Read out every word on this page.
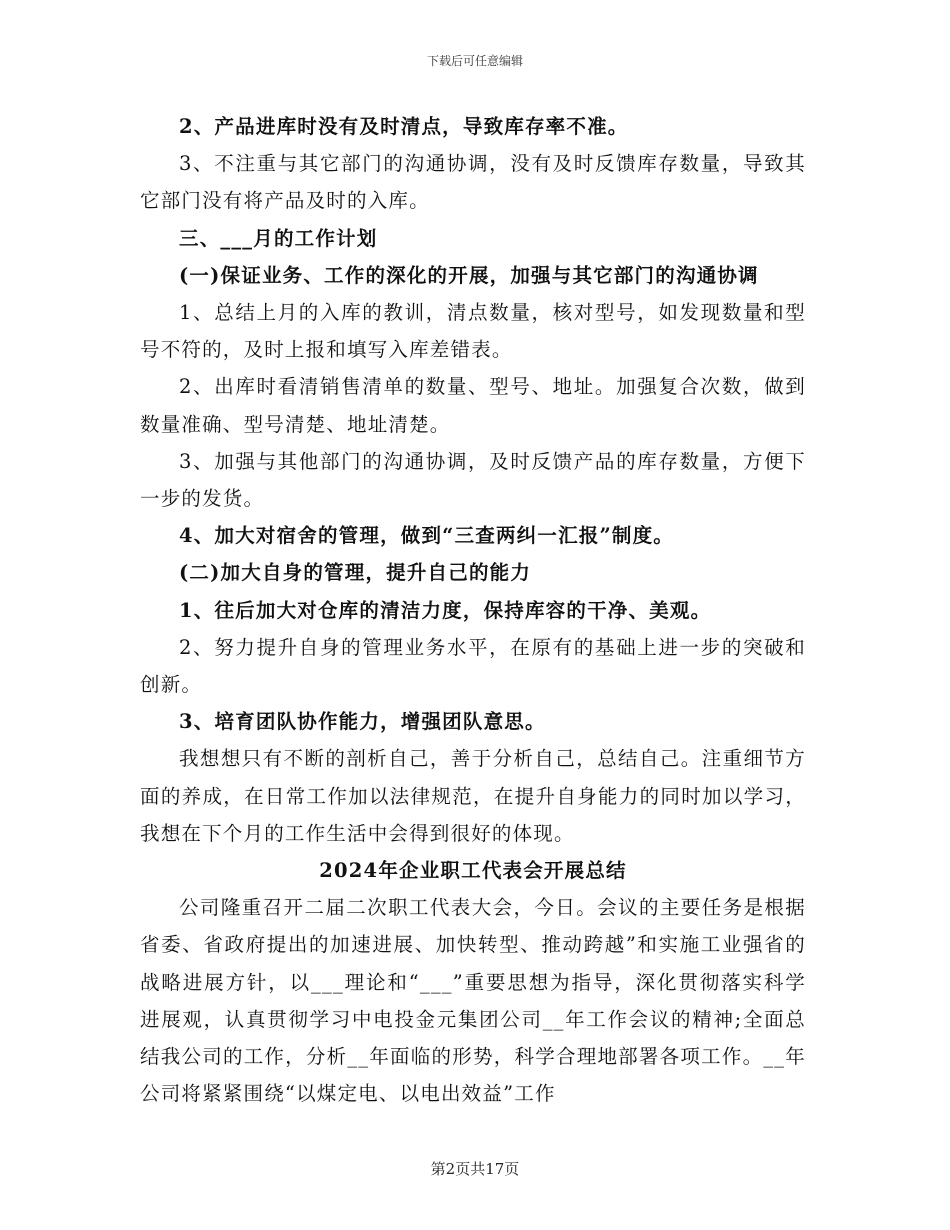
下载后可任意编辑

2、产品进库时没有及时清点，导致库存率不准。

3、不注重与其它部门的沟通协调，没有及时反馈库存数量，导致其它部门没有将产品及时的入库。

三、___月的工作计划

(一)保证业务、工作的深化的开展，加强与其它部门的沟通协调

1、总结上月的入库的教训，清点数量，核对型号，如发现数量和型号不符的，及时上报和填写入库差错表。

2、出库时看清销售清单的数量、型号、地址。加强复合次数，做到数量准确、型号清楚、地址清楚。

3、加强与其他部门的沟通协调，及时反馈产品的库存数量，方便下一步的发货。

4、加大对宿舍的管理，做到“三查两纠一汇报”制度。

(二)加大自身的管理，提升自己的能力

1、往后加大对仓库的清洁力度，保持库容的干净、美观。

2、努力提升自身的管理业务水平，在原有的基础上进一步的突破和创新。

3、培育团队协作能力，增强团队意思。

我想想只有不断的剖析自己，善于分析自己，总结自己。注重细节方面的养成，在日常工作加以法律规范，在提升自身能力的同时加以学习，我想在下个月的工作生活中会得到很好的体现。

2024年企业职工代表会开展总结

公司隆重召开二届二次职工代表大会，今日。会议的主要任务是根据省委、省政府提出的加速进展、加快转型、推动跨越”和实施工业强省的战略进展方针，以___理论和“___”重要思想为指导，深化贯彻落实科学进展观，认真贯彻学习中电投金元集团公司__年工作会议的精神;全面总结我公司的工作，分析__年面临的形势，科学合理地部署各项工作。__年公司将紧紧围绕“以煤定电、以电出效益”工作

第2页共17页
